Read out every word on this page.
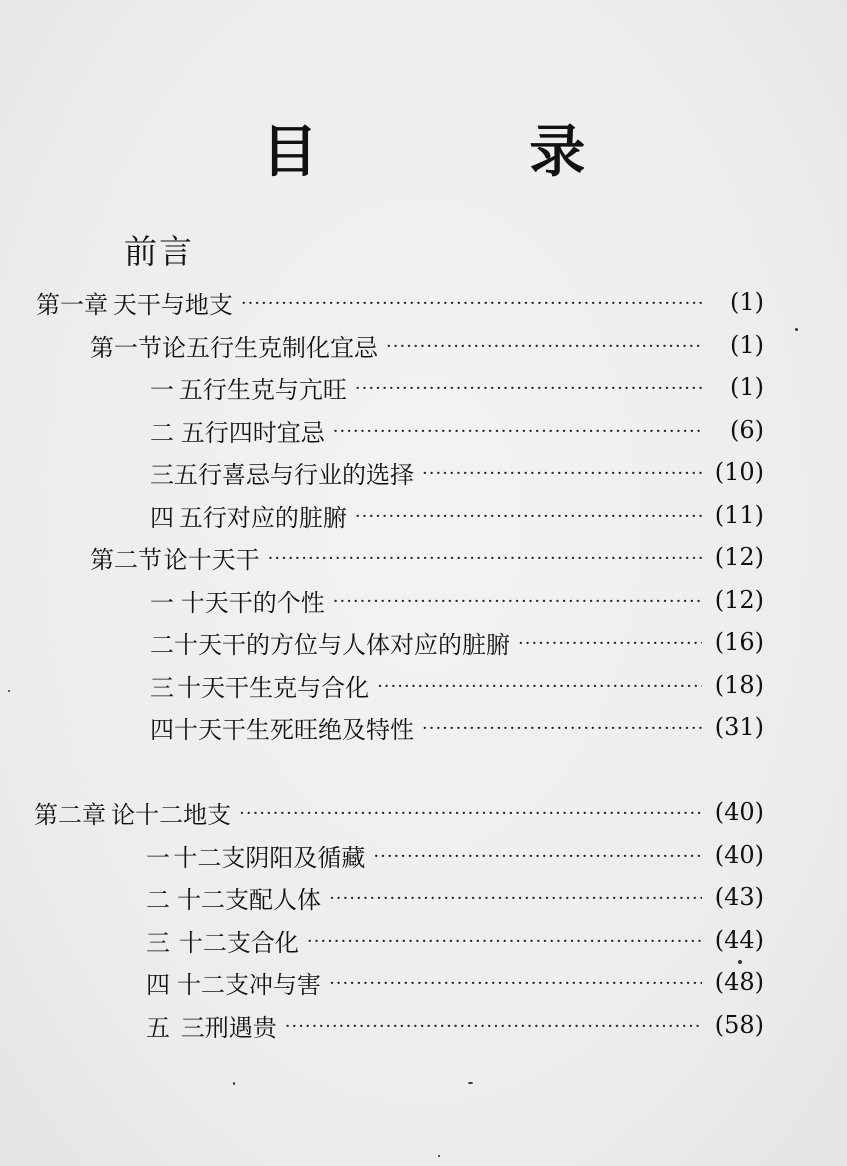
目 录
前言
第一章 天干与地支 ·····	(1)
第一节 论五行生克制化宜忌 ·····	(1)
一 五行生克与亢旺 ·····	(1)
二 五行四时宜忌 ·····	(6)
三 五行喜忌与行业的选择 ·····	(10)
四 五行对应的脏腑 ·····	(11)
第二节 论十天干 ·····	(12)
一 十天干的个性 ·····	(12)
二 十天干的方位与人体对应的脏腑 ·····	(16)
三 十天干生克与合化 ·····	(18)
四 十天干生死旺绝及特性 ·····	(31)
第二章 论十二地支 ·····	(40)
一 十二支阴阳及循藏 ·····	(40)
二 十二支配人体 ·····	(43)
三 十二支合化 ·····	(44)
四 十二支冲与害 ·····	(48)
五 三刑遇贵 ·····	(58)
